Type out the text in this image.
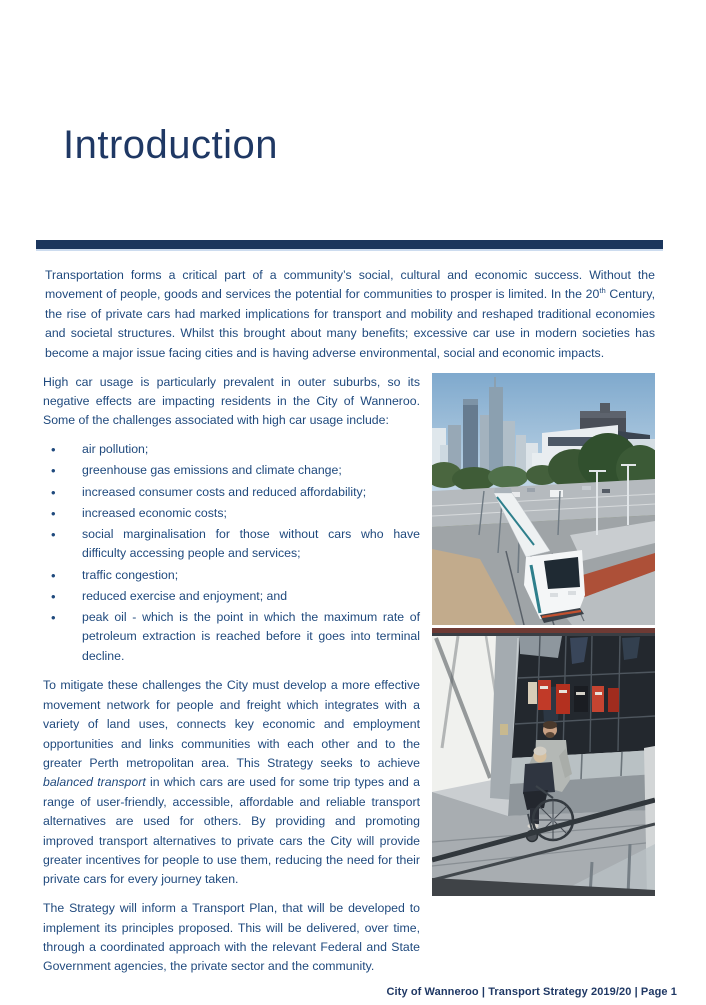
Introduction

Transportation forms a critical part of a community’s social, cultural and economic success. Without the movement of people, goods and services the potential for communities to prosper is limited. In the 20th Century, the rise of private cars had marked implications for transport and mobility and reshaped traditional economies and societal structures. Whilst this brought about many benefits; excessive car use in modern societies has become a major issue facing cities and is having adverse environmental, social and economic impacts.

High car usage is particularly prevalent in outer suburbs, so its negative effects are impacting residents in the City of Wanneroo. Some of the challenges associated with high car usage include:

• air pollution;
• greenhouse gas emissions and climate change;
• increased consumer costs and reduced affordability;
• increased economic costs;
• social marginalisation for those without cars who have difficulty accessing people and services;
• traffic congestion;
• reduced exercise and enjoyment; and
• peak oil - which is the point in which the maximum rate of petroleum extraction is reached before it goes into terminal decline.

To mitigate these challenges the City must develop a more effective movement network for people and freight which integrates with a variety of land uses, connects key economic and employment opportunities and links communities with each other and to the greater Perth metropolitan area. This Strategy seeks to achieve balanced transport in which cars are used for some trip types and a range of user-friendly, accessible, affordable and reliable transport alternatives are used for others. By providing and promoting improved transport alternatives to private cars the City will provide greater incentives for people to use them, reducing the need for their private cars for every journey taken.

The Strategy will inform a Transport Plan, that will be developed to implement its principles proposed. This will be delivered, over time, through a coordinated approach with the relevant Federal and State Government agencies, the private sector and the community.

City of Wanneroo | Transport Strategy 2019/20 | Page 1
